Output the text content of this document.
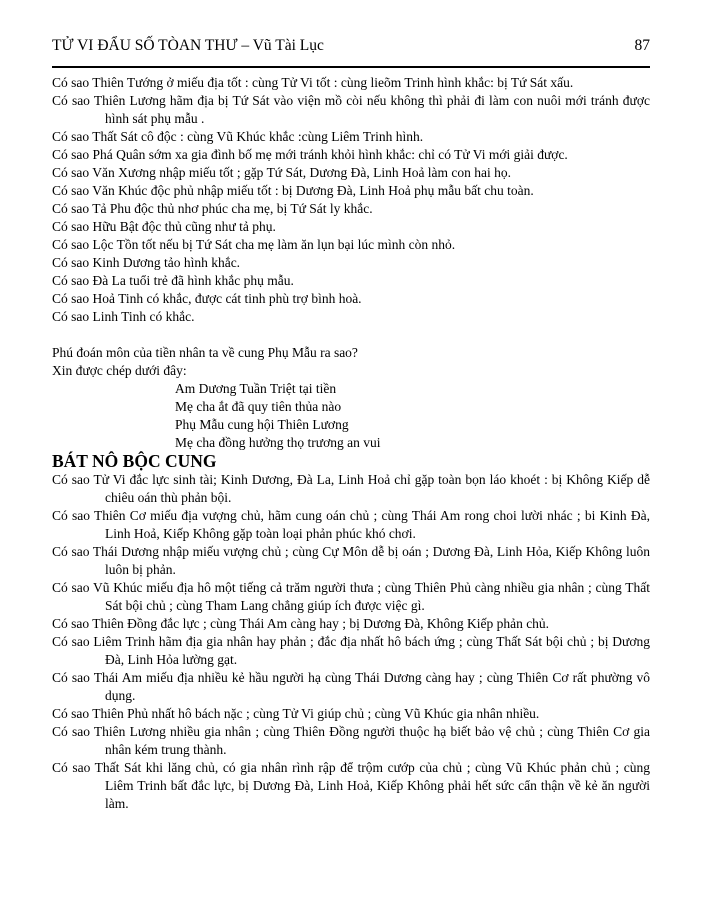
TỬ VI ĐẨU SỐ TÒAN THƯ – Vũ Tài Lục	87

Có sao Thiên Tướng ở miếu địa tốt : cùng Tử Vi tốt : cùng lieõm Trinh hình khắc: bị Tứ Sát xấu.

Có sao Thiên Lương hãm địa bị Tứ Sát vào viện mồ còi nếu không thì phải đi làm con nuôi mới tránh được hình sát phụ mẫu .

Có sao Thất Sát cô độc : cùng Vũ Khúc khắc :cùng Liêm Trinh hình.

Có sao Phá Quân sớm xa gia đình bố mẹ mới tránh khỏi hình khắc: chỉ có Tử Vi mới giải được.

Có sao Văn Xương nhập miếu tốt ; gặp Tứ Sát, Dương Đà, Linh Hoả làm con hai họ.

Có sao Văn Khúc độc phủ nhập miếu tốt : bị Dương Đà, Linh Hoả phụ mẫu bất chu toàn.

Có sao Tả Phu độc thủ nhơ phúc cha mẹ, bị Tứ Sát ly khắc.

Có sao Hữu Bật độc thủ cũng như tả phụ.

Có sao Lộc Tồn tốt nếu bị Tứ Sát cha mẹ làm ăn lụn bại lúc mình còn nhỏ.

Có sao Kinh Dương tảo hình khắc.

Có sao Đà La tuổi trẻ đã hình khắc phụ mẫu.

Có sao Hoả Tinh có khắc, được cát tinh phù trợ bình hoà.

Có sao Linh Tinh có khắc.

Phú đoán môn của tiền nhân ta về cung Phụ Mẫu ra sao?

Xin được chép dưới đây:

Am Dương Tuần Triệt tại tiền

Mẹ cha ắt đã quy tiên thủa nào

Phụ Mẫu cung hội Thiên Lương

Mẹ cha đồng hưởng thọ trương an vui

BÁT NÔ BỘC CUNG

Có sao Tử Vi đắc lực sinh tài; Kinh Dương, Đà La, Linh Hoả chỉ gặp toàn bọn láo khoét : bị Không Kiếp dễ chiêu oán thù phản bội.

Có sao Thiên Cơ miếu địa vượng chủ, hãm cung oán chủ ; cùng Thái Am rong choi lười nhác ; bi Kinh Đà, Linh Hoả, Kiếp Không gặp toàn loại phản phúc khó chơi.

Có sao Thái Dương nhập miếu vượng chủ ; cùng Cự Môn dễ bị oán ; Dương Đà, Linh Hỏa, Kiếp Không luôn luôn bị phản.

Có sao Vũ Khúc miếu địa hô một tiếng cả trăm người thưa ; cùng Thiên Phủ càng nhiều gia nhân ; cùng Thất Sát bội chủ ; cùng Tham Lang chẳng giúp ích được việc gì.

Có sao Thiên Đồng đắc lực ; cùng Thái Am càng hay ; bị Dương Đà, Không Kiếp phản chủ.

Có sao Liêm Trinh hãm địa gia nhân hay phản ; đắc địa nhất hô bách ứng ; cùng Thất Sát bội chủ ; bị Dương Đà, Linh Hỏa lường gạt.

Có sao Thái Am miếu địa nhiều kẻ hầu người hạ cùng Thái Dương càng hay ; cùng Thiên Cơ rất phường vô dụng.

Có sao Thiên Phủ nhất hô bách nặc ; cùng Tử Vi giúp chủ ; cùng Vũ Khúc gia nhân nhiều.

Có sao Thiên Lương nhiều gia nhân ; cùng Thiên Đồng người thuộc hạ biết bảo vệ chủ ; cùng Thiên Cơ gia nhân kém trung thành.

Có sao Thất Sát khi lăng chủ, có gia nhân rình rập để trộm cướp của chủ ; cùng Vũ Khúc phản chủ ; cùng Liêm Trinh bất đắc lực, bị Dương Đà, Linh Hoả, Kiếp Không phải hết sức cẩn thận về kẻ ăn người làm.
